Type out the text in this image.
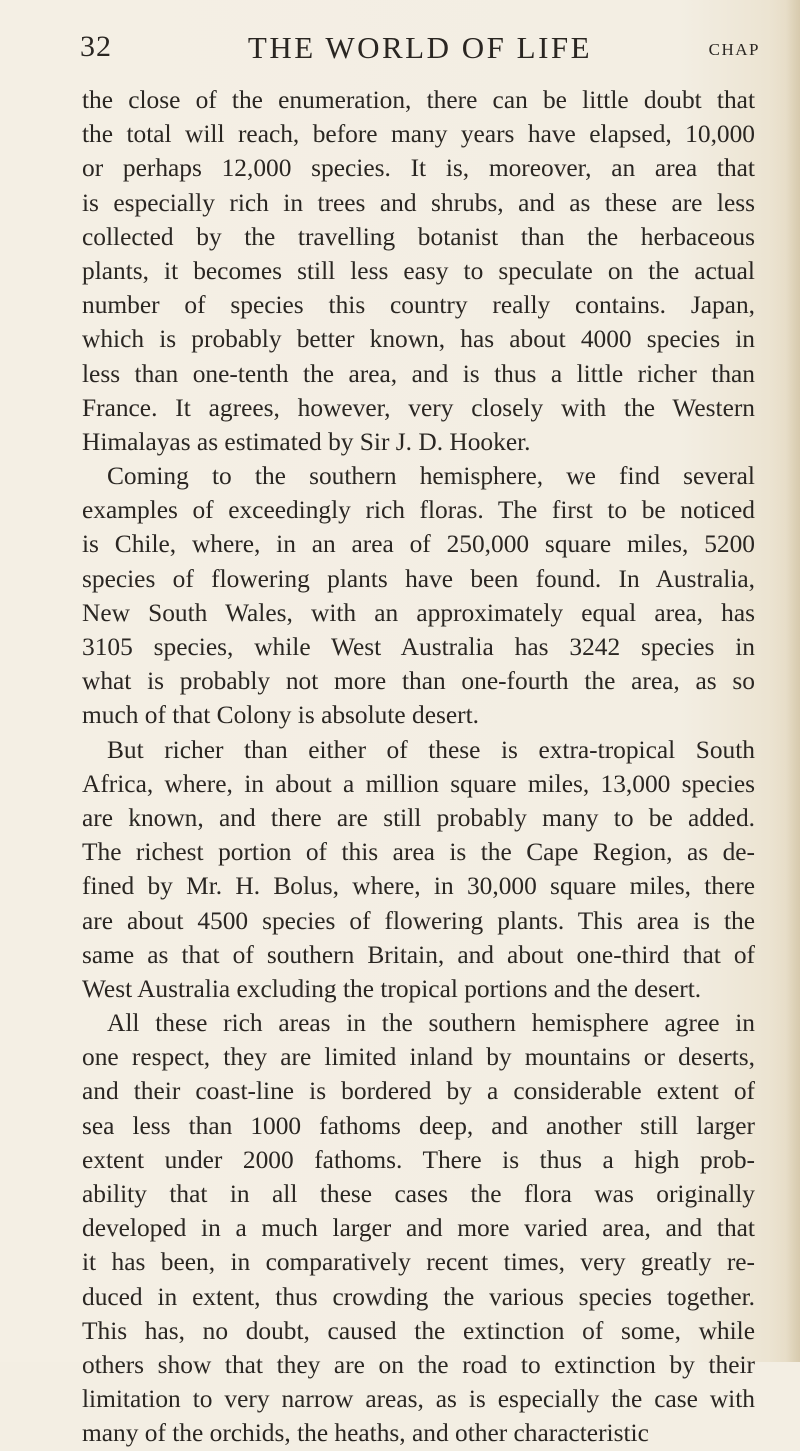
32	THE WORLD OF LIFE	CHAP
the close of the enumeration, there can be little doubt that
the total will reach, before many years have elapsed, 10,000
or perhaps 12,000 species. It is, moreover, an area that
is especially rich in trees and shrubs, and as these are less
collected by the travelling botanist than the herbaceous
plants, it becomes still less easy to speculate on the actual
number of species this country really contains. Japan,
which is probably better known, has about 4000 species in
less than one-tenth the area, and is thus a little richer than
France. It agrees, however, very closely with the Western
Himalayas as estimated by Sir J. D. Hooker.
Coming to the southern hemisphere, we find several
examples of exceedingly rich floras. The first to be noticed
is Chile, where, in an area of 250,000 square miles, 5200
species of flowering plants have been found. In Australia,
New South Wales, with an approximately equal area, has
3105 species, while West Australia has 3242 species in
what is probably not more than one-fourth the area, as so
much of that Colony is absolute desert.
But richer than either of these is extra-tropical South
Africa, where, in about a million square miles, 13,000 species
are known, and there are still probably many to be added.
The richest portion of this area is the Cape Region, as de-
fined by Mr. H. Bolus, where, in 30,000 square miles, there
are about 4500 species of flowering plants. This area is the
same as that of southern Britain, and about one-third that of
West Australia excluding the tropical portions and the desert.
All these rich areas in the southern hemisphere agree in
one respect, they are limited inland by mountains or deserts,
and their coast-line is bordered by a considerable extent of
sea less than 1000 fathoms deep, and another still larger
extent under 2000 fathoms. There is thus a high prob-
ability that in all these cases the flora was originally
developed in a much larger and more varied area, and that
it has been, in comparatively recent times, very greatly re-
duced in extent, thus crowding the various species together.
This has, no doubt, caused the extinction of some, while
others show that they are on the road to extinction by their
limitation to very narrow areas, as is especially the case with
many of the orchids, the heaths, and other characteristic
